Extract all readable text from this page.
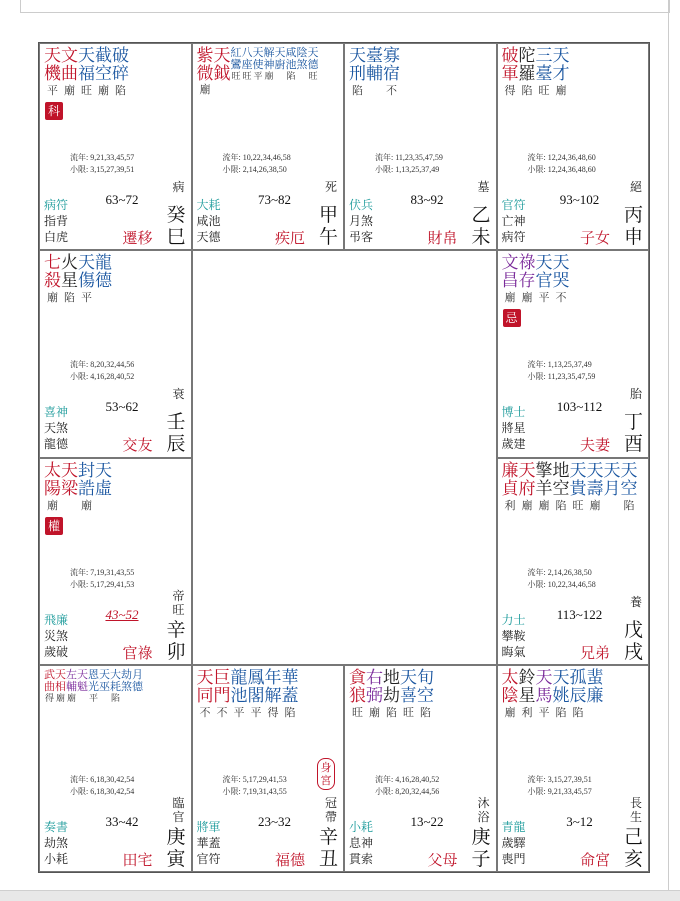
天
機
平
文
曲
廟
天
福
旺
截
空
廟
破
碎
陷
科
流年: 9,21,33,45,57
小限: 3,15,27,39,51
63~72
病符
指背
白虎	遷移
病
癸
巳
紫
微
廟
天
鉞

紅
鸞
旺
八
座
旺
天
使
平
解
神
廟
天
廚

咸
池
陷
陰
煞

天
德
旺
流年: 10,22,34,46,58
小限: 2,14,26,38,50
73~82
大耗
咸池
天德	疾厄
死
甲
午
天
刑
陷
臺
輔

寡
宿
不
流年: 11,23,35,47,59
小限: 1,13,25,37,49
83~92
伏兵
月煞
弔客	財帛
墓
乙
未
破
軍
得
陀
羅
陷
三
臺
旺
天
才
廟
流年: 12,24,36,48,60
小限: 12,24,36,48,60
93~102
官符
亡神
病符	子女
絕
丙
申
七
殺
廟
火
星
陷
天
傷
平
龍
德

流年: 8,20,32,44,56
小限: 4,16,28,40,52
53~62
喜神
天煞
龍德	交友
衰
壬
辰
文
昌
廟
祿
存
廟
天
官
平
天
哭
不
忌
流年: 1,13,25,37,49
小限: 11,23,35,47,59
103~112
博士
將星
歲建	夫妻
胎
丁
酉
太
陽
廟
天
梁

封
誥
廟
天
虛

權
流年: 7,19,31,43,55
小限: 5,17,29,41,53
43~52
飛廉
災煞
歲破	官祿
帝
旺
辛
卯
廉
貞
利
天
府
廟
擎
羊
廟
地
空
陷
天
貴
旺
天
壽
廟
天
月

天
空
陷
流年: 2,14,26,38,50
小限: 10,22,34,46,58
113~122
力士
攀鞍
晦氣	兄弟
養
戊
戌
武
曲
得
天
相
廟
左
輔
廟
天
魁

恩
光
平
天
巫

大
耗
陷
劫
煞

月
德

流年: 6,18,30,42,54
小限: 6,18,30,42,54
33~42
奏書
劫煞
小耗	田宅
臨
官
庚
寅
天
同
不
巨
門
不
龍
池
平
鳳
閣
平
年
解
得
華
蓋
陷
身宮
流年: 5,17,29,41,53
小限: 7,19,31,43,55
23~32
將軍
華蓋
官符	福德
冠
帶
辛
丑
貪
狼
旺
右
弼
廟
地
劫
陷
天
喜
旺
旬
空
陷
流年: 4,16,28,40,52
小限: 8,20,32,44,56
13~22
小耗
息神
貫索	父母
沐
浴
庚
子
太
陰
廟
鈴
星
利
天
馬
平
天
姚
陷
孤
辰
陷
蜚
廉

流年: 3,15,27,39,51
小限: 9,21,33,45,57
3~12
青龍
歲驛
喪門	命宮
長
生
己
亥
